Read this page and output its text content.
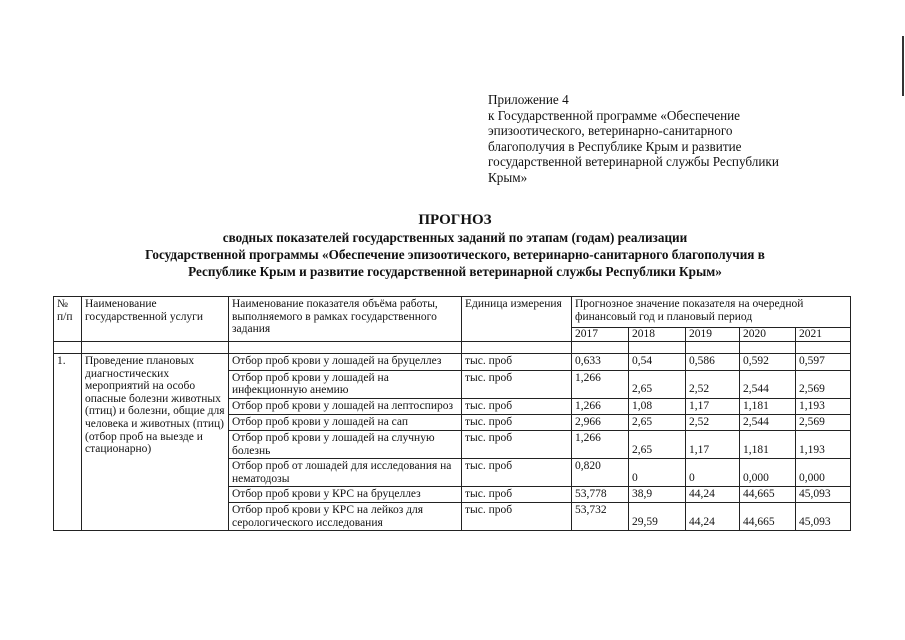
Приложение 4
к Государственной программе «Обеспечение
эпизоотического, ветеринарно-санитарного
благополучия в Республике Крым и развитие
государственной ветеринарной службы Республики
Крым»
ПРОГНОЗ
сводных показателей государственных заданий по этапам (годам) реализации
Государственной программы «Обеспечение эпизоотического, ветеринарно-санитарного благополучия в
Республике Крым и развитие государственной ветеринарной службы Республики Крым»
№ п/п	Наименование государственной услуги	Наименование показателя объёма работы, выполняемого в рамках государственного задания	Единица измерения	Прогнозное значение показателя на очередной финансовый год и плановый период				
				2017	2018	2019	2020	2021

1.	Проведение плановых диагностических мероприятий на особо опасные болезни животных (птиц) и болезни, общие для человека и животных (птиц) (отбор проб на выезде и стационарно)	Отбор проб крови у лошадей на бруцеллез	тыс. проб	0,633	0,54	0,586	0,592	0,597
		Отбор проб крови у лошадей на инфекционную анемию	тыс. проб	1,266	2,65	2,52	2,544	2,569
		Отбор проб крови у лошадей на лептоспироз	тыс. проб	1,266	1,08	1,17	1,181	1,193
		Отбор проб крови у лошадей на сап	тыс. проб	2,966	2,65	2,52	2,544	2,569
		Отбор проб крови у лошадей на случную болезнь	тыс. проб	1,266	2,65	1,17	1,181	1,193
		Отбор проб от лошадей для исследования на нематодозы	тыс. проб	0,820	0	0	0,000	0,000
		Отбор проб крови у КРС на бруцеллез	тыс. проб	53,778	38,9	44,24	44,665	45,093
		Отбор проб крови у КРС на лейкоз для серологического исследования	тыс. проб	53,732	29,59	44,24	44,665	45,093
